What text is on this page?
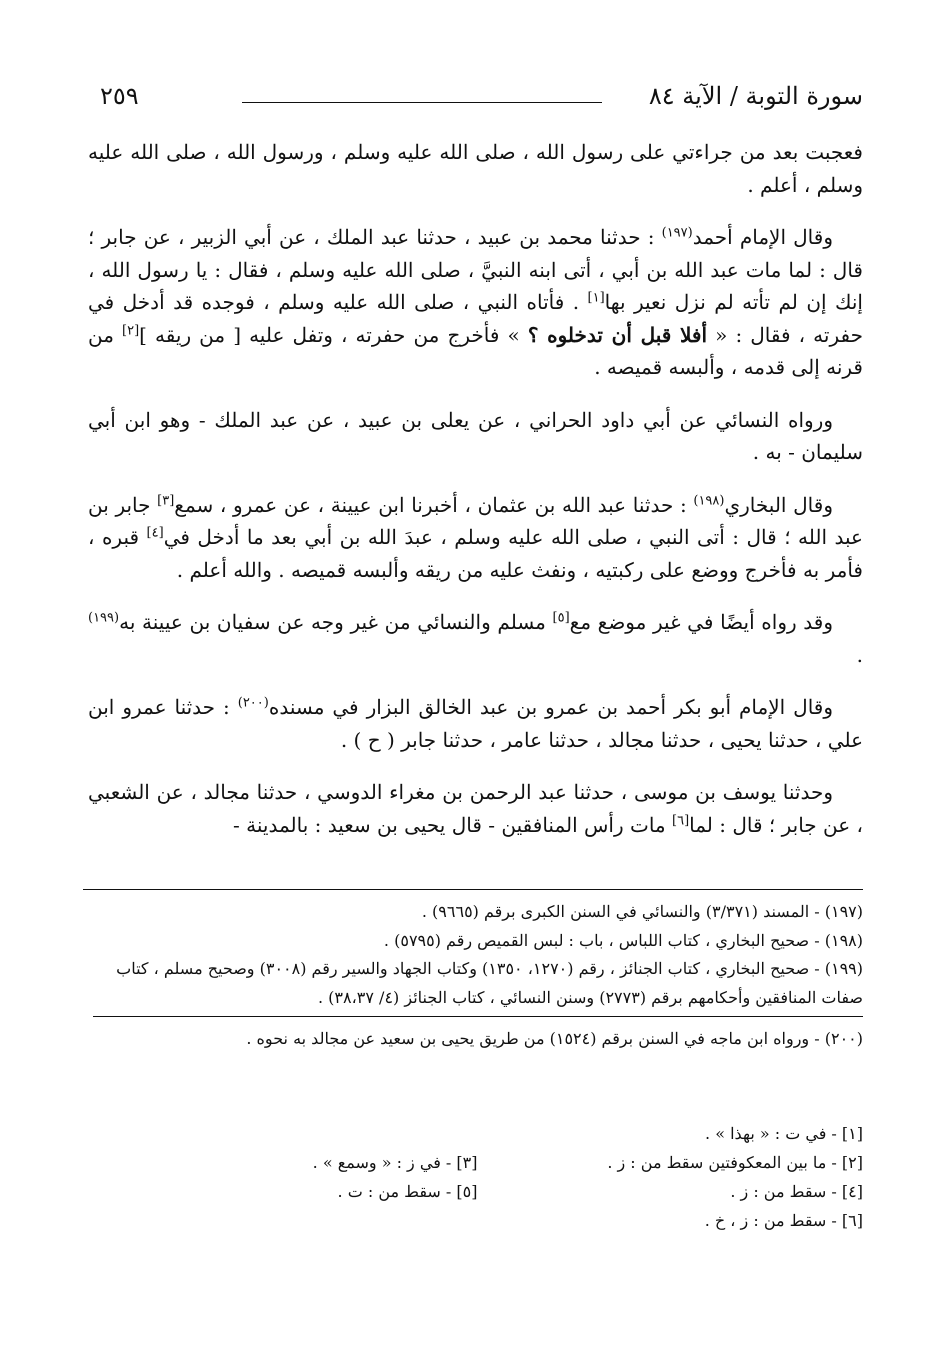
٢٥٩	سورة التوبة / الآية ٨٤

فعجبت بعد من جراءتي على رسول الله ، صلى الله عليه وسلم ، ورسول الله ، صلى الله عليه وسلم ، أعلم .

وقال الإمام أحمد$^{(١٩٧)}$ : حدثنا محمد بن عبيد ، حدثنا عبد الملك ، عن أبي الزبير ، عن جابر ؛ قال : لما مات عبد الله بن أبي ، أتى ابنه النبيَّ ، صلى الله عليه وسلم ، فقال : يا رسول الله ، إنك إن لم تأته لم نزل نعير بها[١] . فأتاه النبي ، صلى الله عليه وسلم ، فوجده قد أدخل في حفرته ، فقال : « أفلا قبل أن تدخلوه ؟ » فأخرج من حفرته ، وتفل عليه [ من ريقه ][٢] من قرنه إلى قدمه ، وألبسه قميصه .

ورواه النسائي عن أبي داود الحراني ، عن يعلى بن عبيد ، عن عبد الملك - وهو ابن أبي سليمان - به .

وقال البخاري$^{(١٩٨)}$ : حدثنا عبد الله بن عثمان ، أخبرنا ابن عيينة ، عن عمرو ، سمع[٣] جابر بن عبد الله ؛ قال : أتى النبي ، صلى الله عليه وسلم ، عبدَ الله بن أبي بعد ما أدخل في[٤] قبره ، فأمر به فأخرج ووضع على ركبتيه ، ونفث عليه من ريقه وألبسه قميصه . والله أعلم .

وقد رواه أيضًا في غير موضع مع[٥] مسلم والنسائي من غير وجه عن سفيان بن عيينة به$^{(١٩٩)}$ .

وقال الإمام أبو بكر أحمد بن عمرو بن عبد الخالق البزار في مسنده$^{(٢٠٠)}$ : حدثنا عمرو ابن علي ، حدثنا يحيى ، حدثنا مجالد ، حدثنا عامر ، حدثنا جابر ( ح ) .

وحدثنا يوسف بن موسى ، حدثنا عبد الرحمن بن مغراء الدوسي ، حدثنا مجالد ، عن الشعبي ، عن جابر ؛ قال : لما[٦] مات رأس المنافقين - قال يحيى بن سعيد : بالمدينة -

(١٩٧) - المسند (٣/٣٧١) والنسائي في السنن الكبرى برقم (٩٦٦٥) .

(١٩٨) - صحيح البخاري ، كتاب اللباس ، باب : لبس القميص رقم (٥٧٩٥) .

(١٩٩) - صحيح البخاري ، كتاب الجنائز ، رقم (١٢٧٠، ١٣٥٠) وكتاب الجهاد والسير رقم (٣٠٠٨) وصحيح مسلم ، كتاب صفات المنافقين وأحكامهم برقم (٢٧٧٣) وسنن النسائي ، كتاب الجنائز (٤/ ٣٨،٣٧) .

(٢٠٠) - ورواه ابن ماجه في السنن برقم (١٥٢٤) من طريق يحيى بن سعيد عن مجالد به نحوه .

[١] - في ت : « بهذا » .
[٢] - ما بين المعكوفتين سقط من : ز .
[٣] - في ز : « وسمع » .
[٤] - سقط من : ز .
[٥] - سقط من : ت .
[٦] - سقط من : ز ، خ .
